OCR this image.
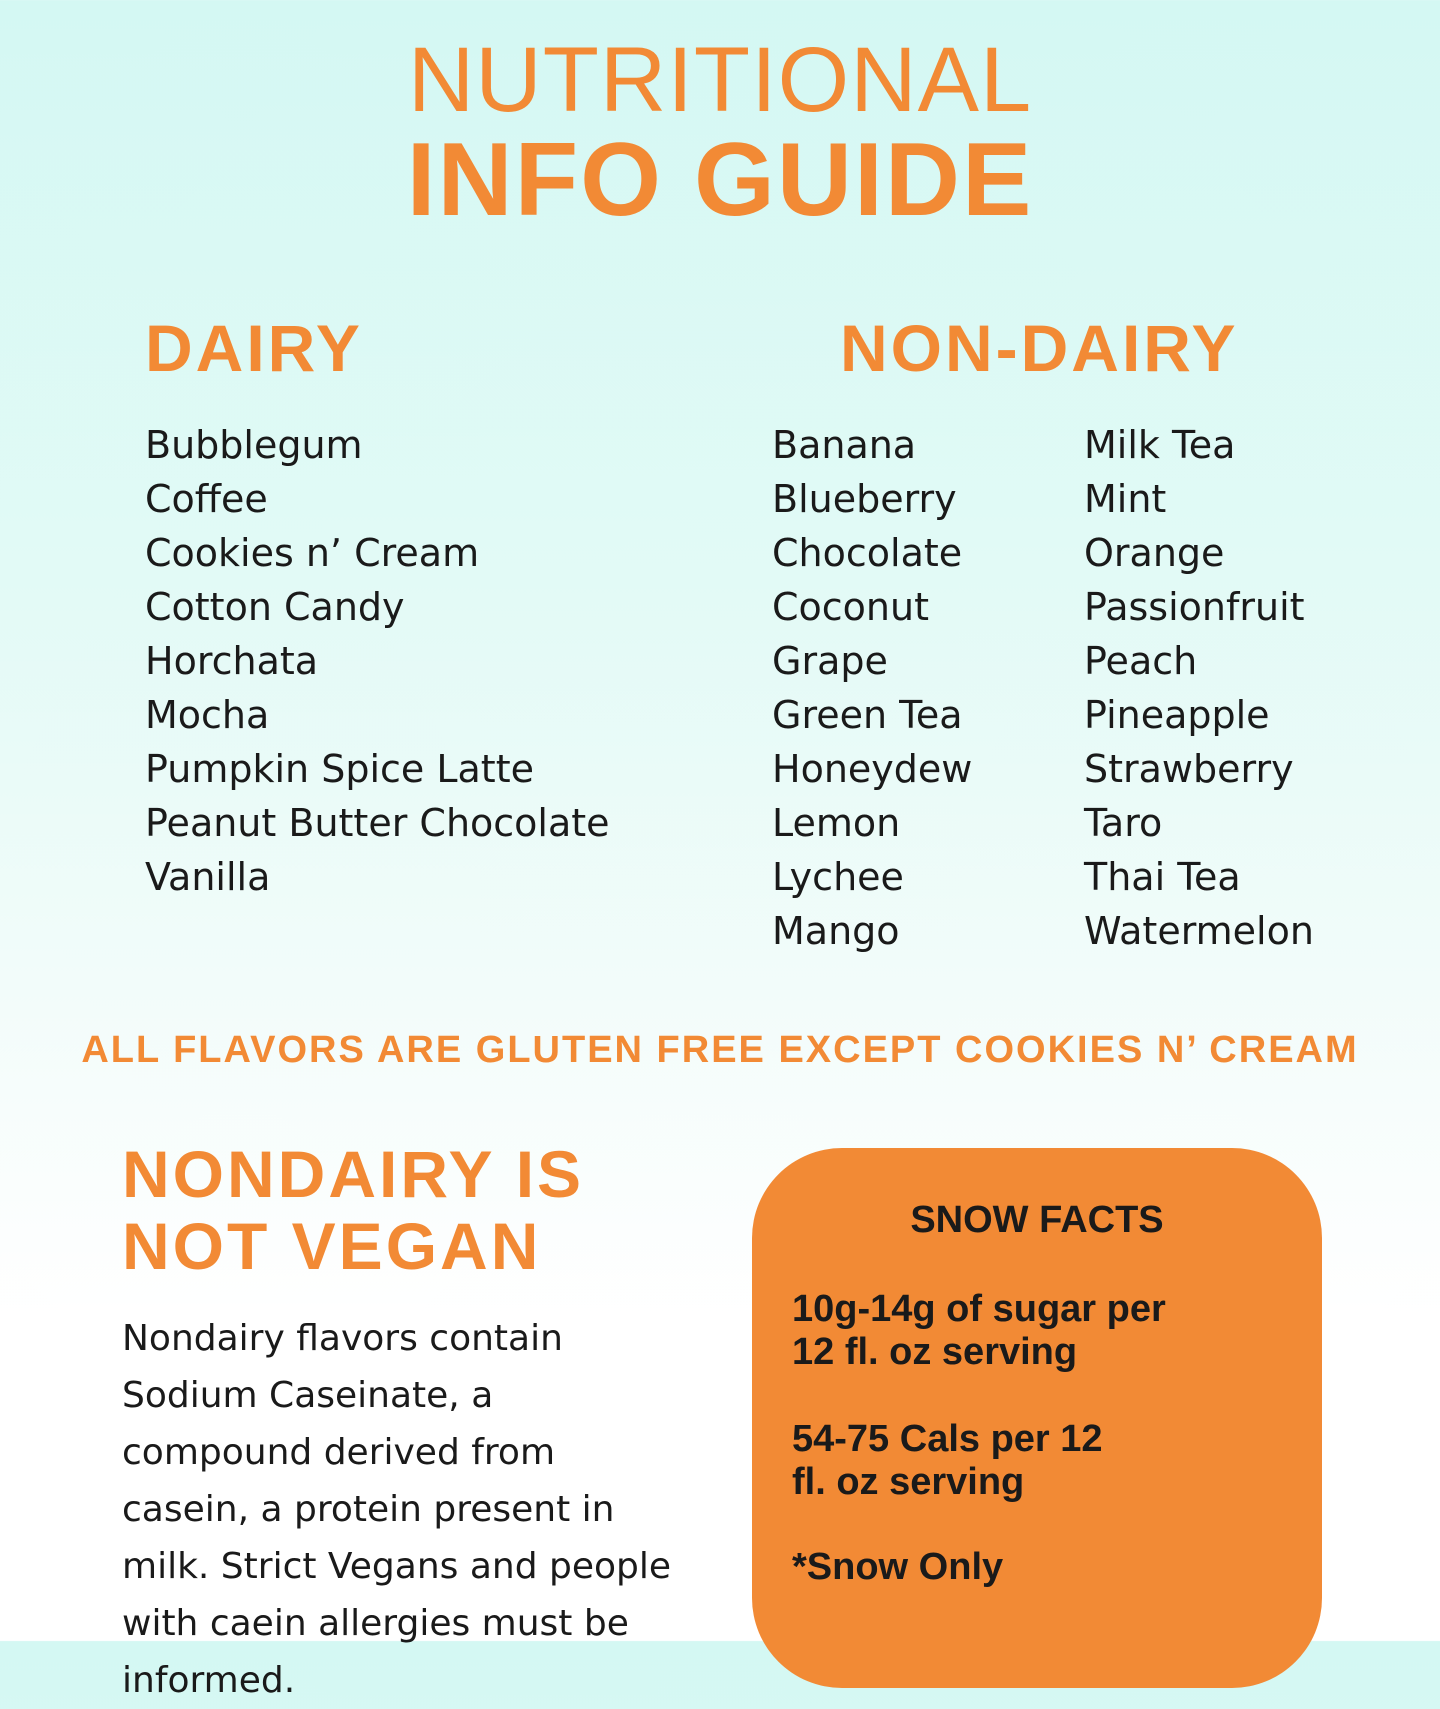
NUTRITIONAL
INFO GUIDE
DAIRY	NON-DAIRY
Bubblegum
Coffee
Cookies n’ Cream
Cotton Candy
Horchata
Mocha
Pumpkin Spice Latte
Peanut Butter Chocolate
Vanilla
Banana
Blueberry
Chocolate
Coconut
Grape
Green Tea
Honeydew
Lemon
Lychee
Mango
Milk Tea
Mint
Orange
Passionfruit
Peach
Pineapple
Strawberry
Taro
Thai Tea
Watermelon
ALL FLAVORS ARE GLUTEN FREE EXCEPT COOKIES N’ CREAM
NONDAIRY IS
NOT VEGAN
Nondairy flavors contain Sodium Caseinate, a compound derived from casein, a protein present in milk. Strict Vegans and people with caein allergies must be informed.
SNOW FACTS
10g-14g of sugar per
12 fl. oz serving
54-75 Cals per 12
fl. oz serving
*Snow Only
